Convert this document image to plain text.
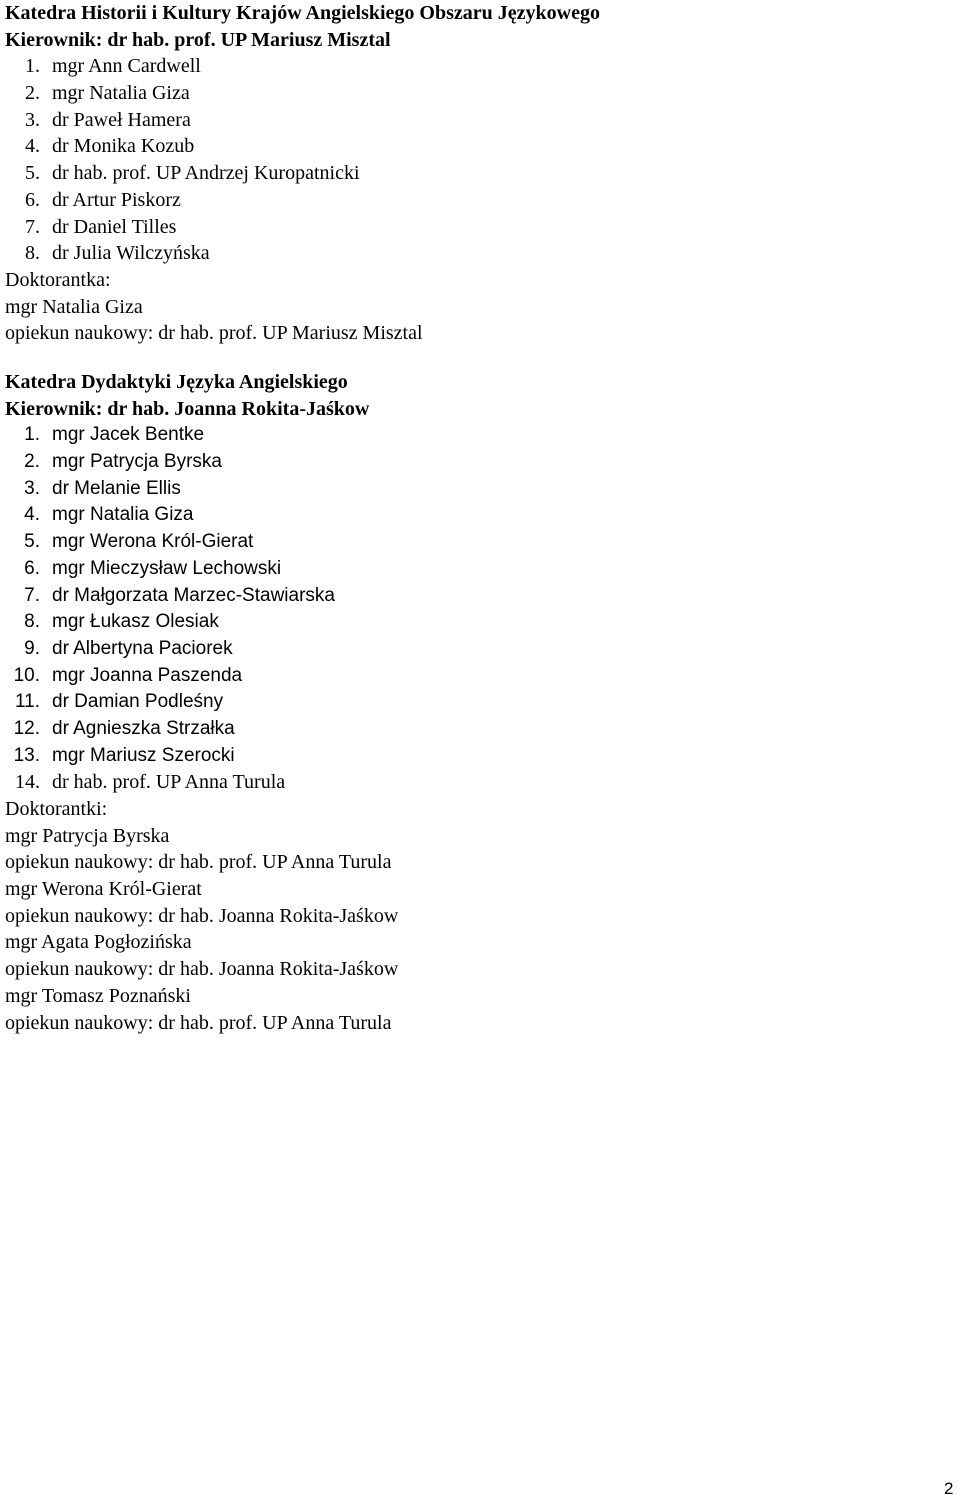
Katedra Historii i Kultury Krajów Angielskiego Obszaru Językowego
Kierownik: dr hab. prof. UP Mariusz Misztal
1. mgr Ann Cardwell
2. mgr Natalia Giza
3. dr Paweł Hamera
4. dr Monika Kozub
5. dr hab. prof. UP Andrzej Kuropatnicki
6. dr Artur Piskorz
7. dr Daniel Tilles
8. dr Julia Wilczyńska
Doktorantka:
mgr Natalia Giza
opiekun naukowy: dr hab. prof. UP Mariusz Misztal
Katedra Dydaktyki Języka Angielskiego
Kierownik: dr hab. Joanna Rokita-Jaśkow
1. mgr Jacek Bentke
2. mgr Patrycja Byrska
3. dr Melanie Ellis
4. mgr Natalia Giza
5. mgr Werona Król-Gierat
6. mgr Mieczysław Lechowski
7. dr Małgorzata Marzec-Stawiarska
8. mgr Łukasz Olesiak
9. dr Albertyna Paciorek
10. mgr Joanna Paszenda
11. dr Damian Podleśny
12. dr Agnieszka Strzałka
13. mgr Mariusz Szerocki
14. dr hab. prof. UP Anna Turula
Doktorantki:
mgr Patrycja Byrska
opiekun naukowy: dr hab. prof. UP Anna Turula
mgr Werona Król-Gierat
opiekun naukowy: dr hab. Joanna Rokita-Jaśkow
mgr Agata Pogłozińska
opiekun naukowy: dr hab. Joanna Rokita-Jaśkow
mgr Tomasz Poznański
opiekun naukowy: dr hab. prof. UP Anna Turula
2
